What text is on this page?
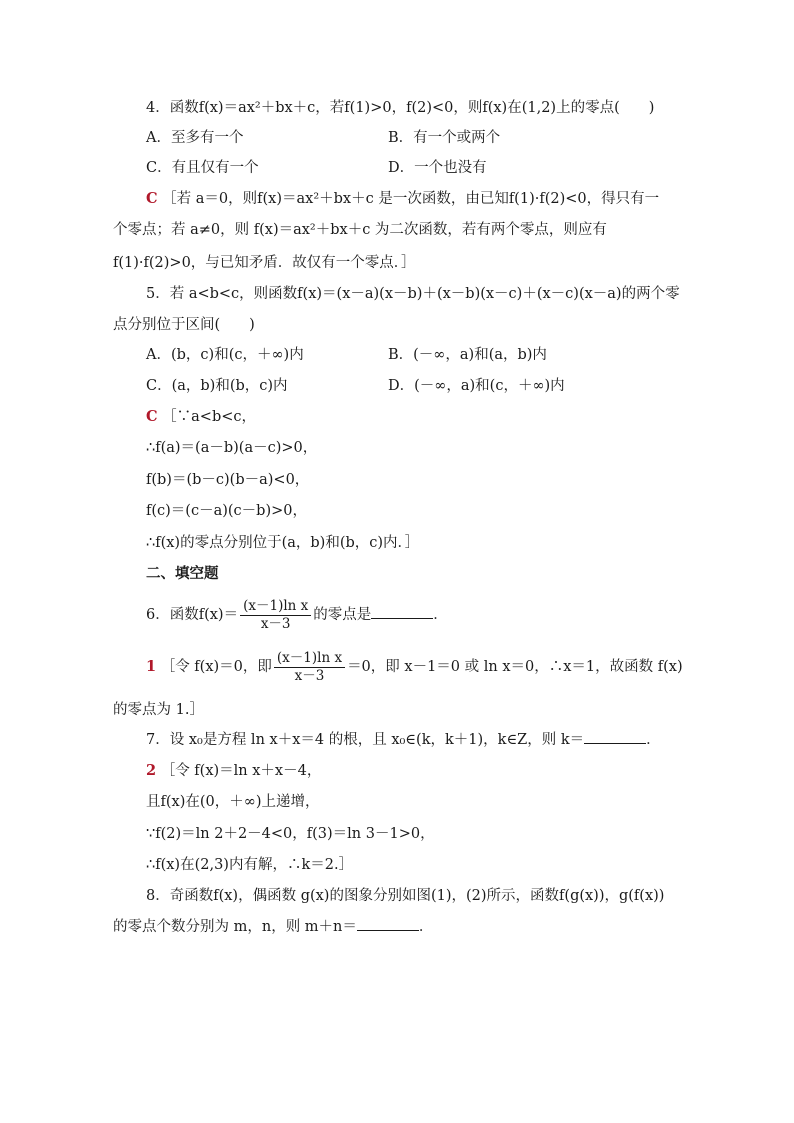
4．函数f(x)＝ax²＋bx＋c，若f(1)>0，f(2)<0，则f(x)在(1,2)上的零点(　　)
A．至多有一个	B．有一个或两个
C．有且仅有一个	D．一个也没有
C ［若 a＝0，则f(x)＝ax²＋bx＋c 是一次函数，由已知f(1)·f(2)<0，得只有一
个零点；若 a≠0，则 f(x)＝ax²＋bx＋c 为二次函数，若有两个零点，则应有
f(1)·f(2)>0，与已知矛盾．故仅有一个零点．］
5．若 a<b<c，则函数f(x)＝(x－a)(x－b)＋(x－b)(x－c)＋(x－c)(x－a)的两个零
点分别位于区间(　　)
A．(b，c)和(c，＋∞)内	B．(－∞，a)和(a，b)内
C．(a，b)和(b，c)内	D．(－∞，a)和(c，＋∞)内
C ［∵a<b<c，
∴f(a)＝(a－b)(a－c)>0，
f(b)＝(b－c)(b－a)<0，
f(c)＝(c－a)(c－b)>0，
∴f(x)的零点分别位于(a，b)和(b，c)内．］
二、填空题
6．函数$f(x)= \frac{\text{(x－1)ln x}}{x-3}$ 的零点是	．
1 ［令 f(x)＝0，即 $\frac{\text{(x－1)ln x}}{x-3} =0$，即 x－1＝0 或 ln x＝0，∴x＝1，故函数 f(x)
的零点为 1.］
7．设 x₀是方程 ln x＋x＝4 的根，且 x₀∈(k，k＋1)，k∈Z，则 k＝	．
2 ［令 f(x)＝ln x＋x－4，
且f(x)在(0，＋∞)上递增，
∵f(2)＝ln 2＋2－4<0，f(3)＝ln 3－1>0，
∴f(x)在(2,3)内有解，∴k＝2.］
8．奇函数f(x)，偶函数 g(x)的图象分别如图(1)，(2)所示，函数f(g(x))，g(f(x))
的零点个数分别为 m，n，则 m＋n＝	．
